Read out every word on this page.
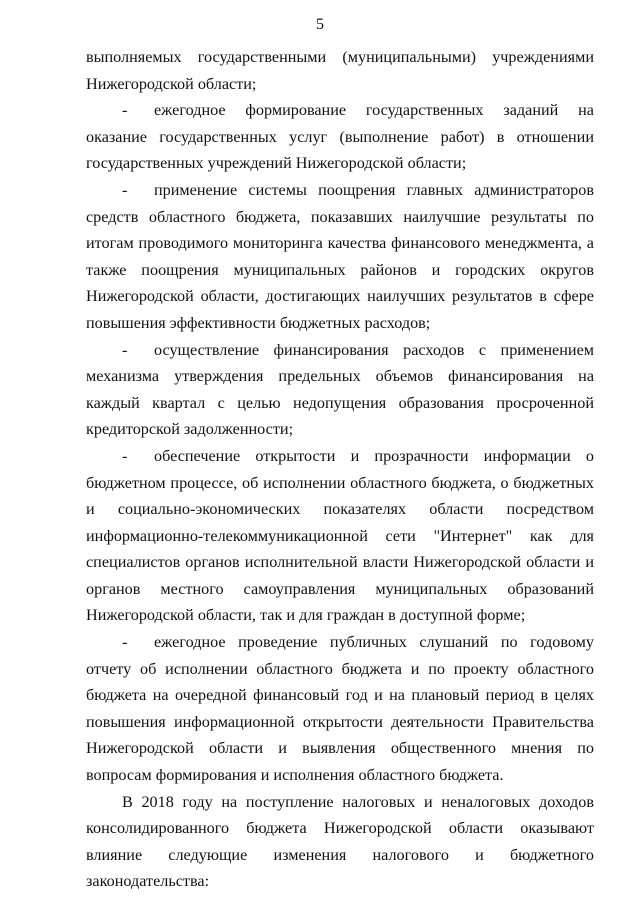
5

выполняемых государственными (муниципальными) учреждениями Нижегородской области;

- ежегодное формирование государственных заданий на оказание государственных услуг (выполнение работ) в отношении государственных учреждений Нижегородской области;

- применение системы поощрения главных администраторов средств областного бюджета, показавших наилучшие результаты по итогам проводимого мониторинга качества финансового менеджмента, а также поощрения муниципальных районов и городских округов Нижегородской области, достигающих наилучших результатов в сфере повышения эффективности бюджетных расходов;

- осуществление финансирования расходов с применением механизма утверждения предельных объемов финансирования на каждый квартал с целью недопущения образования просроченной кредиторской задолженности;

- обеспечение открытости и прозрачности информации о бюджетном процессе, об исполнении областного бюджета, о бюджетных и социально-экономических показателях области посредством информационно-телекоммуникационной сети "Интернет" как для специалистов органов исполнительной власти Нижегородской области и органов местного самоуправления муниципальных образований Нижегородской области, так и для граждан в доступной форме;

- ежегодное проведение публичных слушаний по годовому отчету об исполнении областного бюджета и по проекту областного бюджета на очередной финансовый год и на плановый период в целях повышения информационной открытости деятельности Правительства Нижегородской области и выявления общественного мнения по вопросам формирования и исполнения областного бюджета.

В 2018 году на поступление налоговых и неналоговых доходов консолидированного бюджета Нижегородской области оказывают влияние следующие изменения налогового и бюджетного законодательства:
